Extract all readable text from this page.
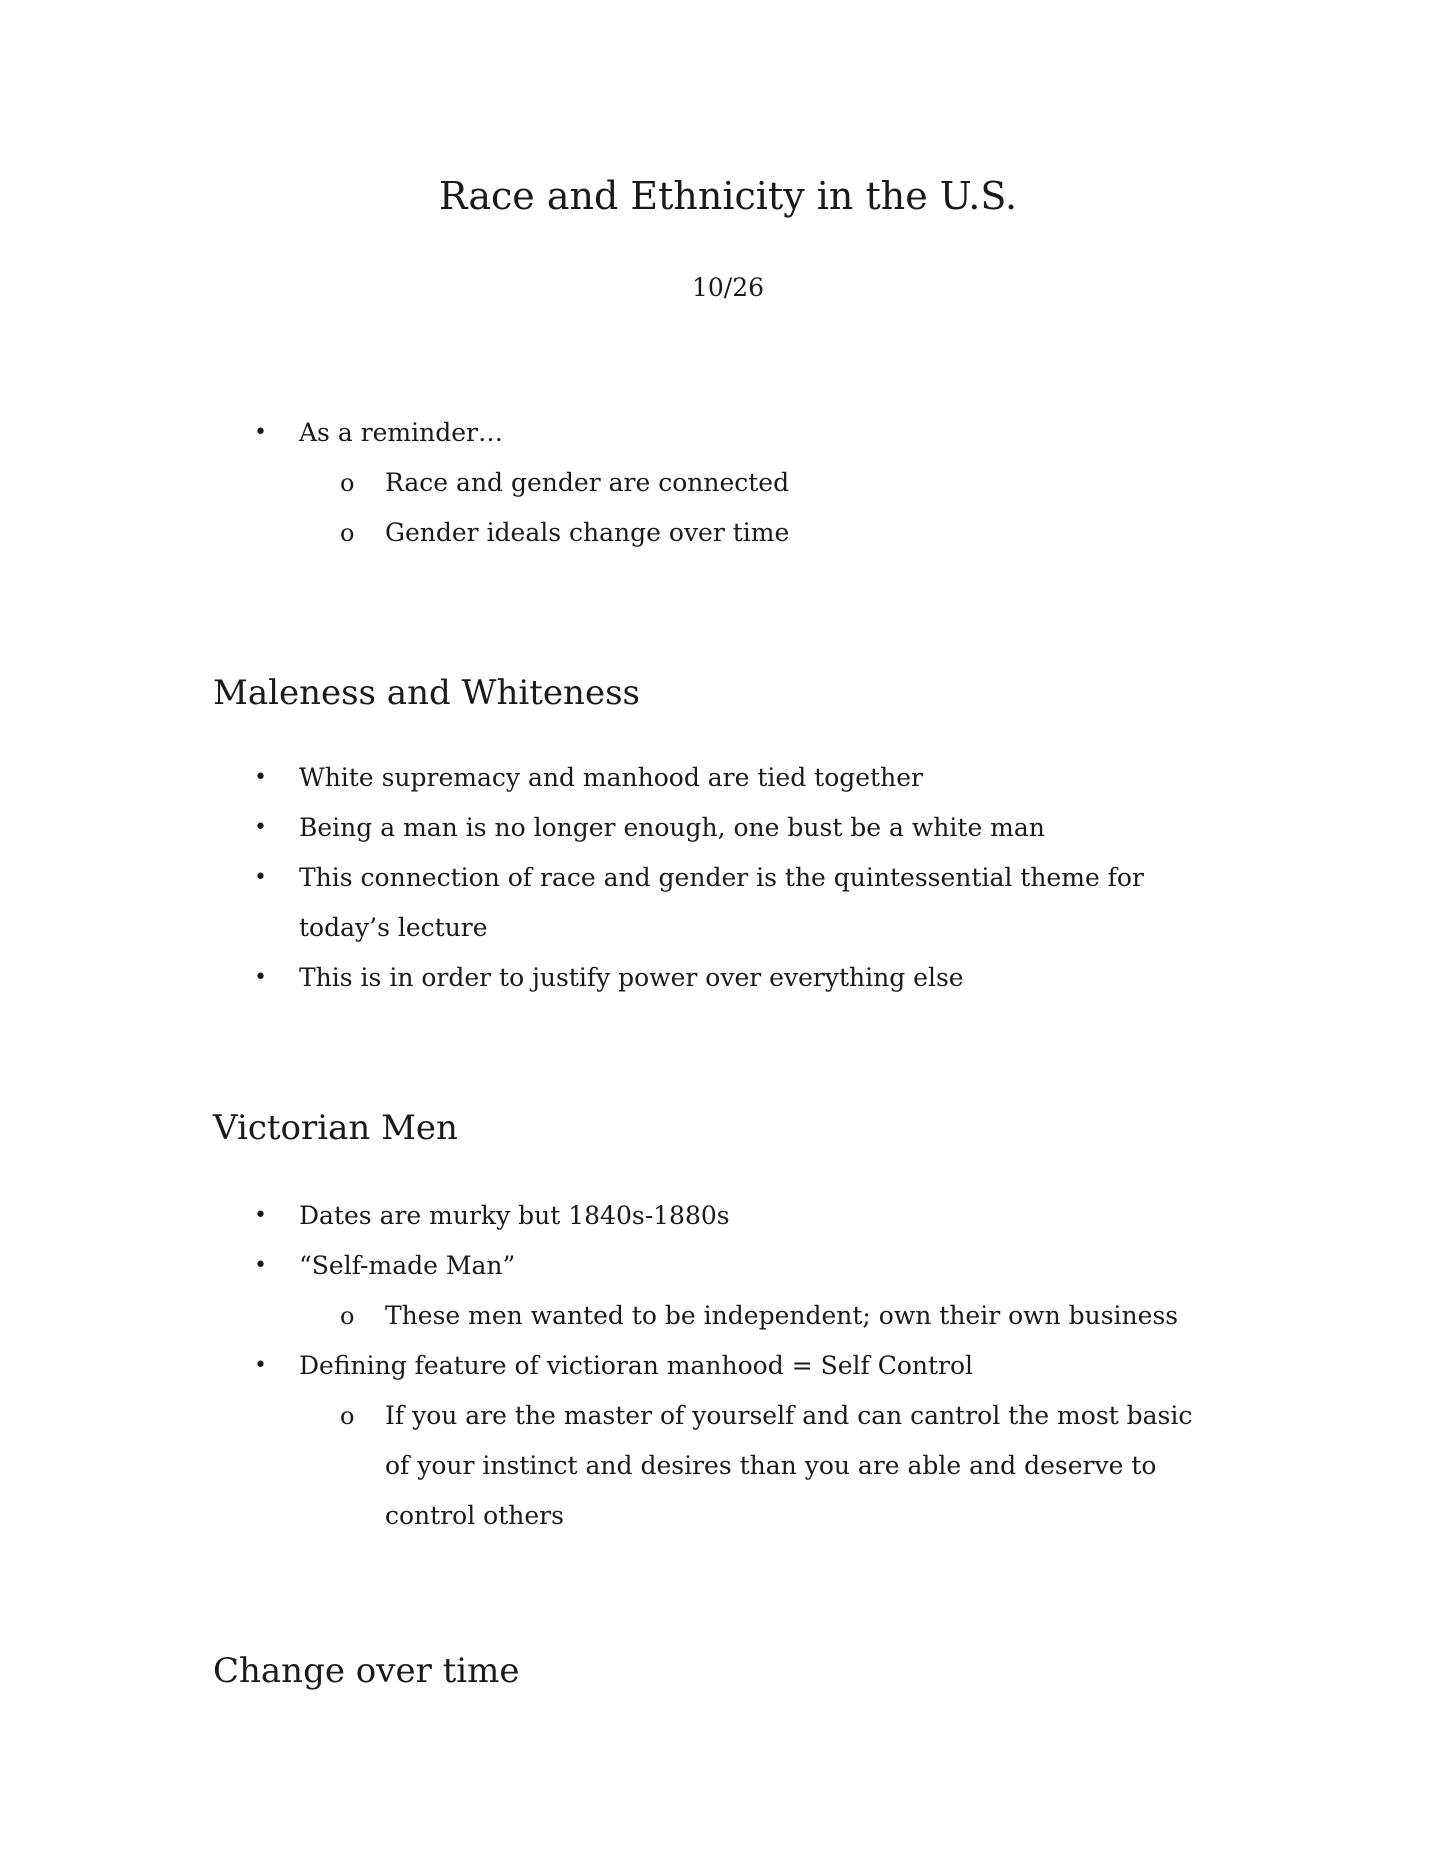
Race and Ethnicity in the U.S.
10/26
• As a reminder…
o Race and gender are connected
o Gender ideals change over time
Maleness and Whiteness
• White supremacy and manhood are tied together
• Being a man is no longer enough, one bust be a white man
• This connection of race and gender is the quintessential theme for today’s lecture
• This is in order to justify power over everything else
Victorian Men
• Dates are murky but 1840s-1880s
• “Self-made Man”
o These men wanted to be independent; own their own business
• Defining feature of victioran manhood = Self Control
o If you are the master of yourself and can cantrol the most basic of your instinct and desires than you are able and deserve to control others
Change over time
